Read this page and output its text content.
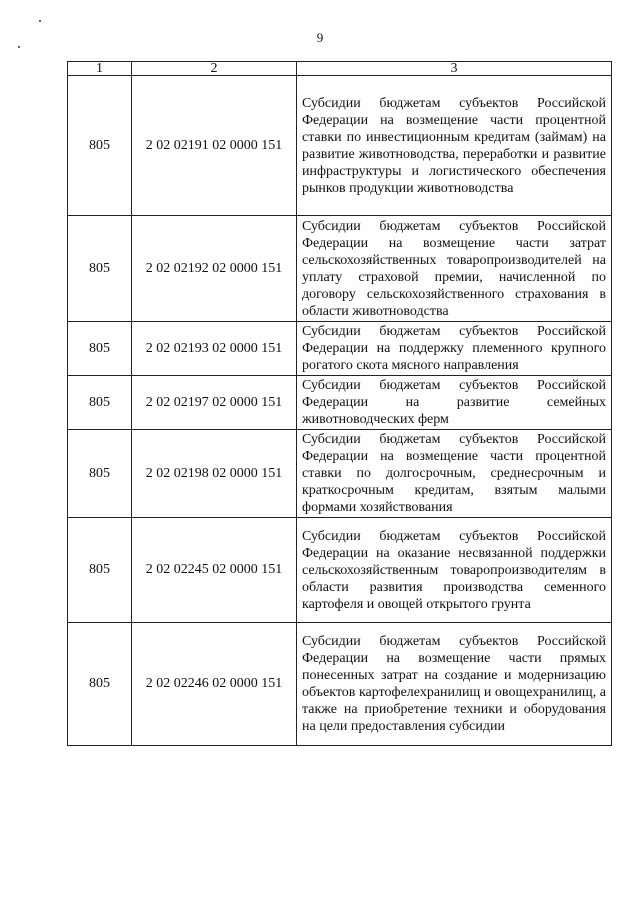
9
1	2	3
805	2 02 02191 02 0000 151	Субсидии бюджетам субъектов Российской Федерации на возмещение части процентной ставки по инвестиционным кредитам (займам) на развитие животноводства, переработки и развитие инфраструктуры и логистического обеспечения рынков продукции животноводства
805	2 02 02192 02 0000 151	Субсидии бюджетам субъектов Российской Федерации на возмещение части затрат сельскохозяйственных товаропроизводителей на уплату страховой премии, начисленной по договору сельскохозяйственного страхования в области животноводства
805	2 02 02193 02 0000 151	Субсидии бюджетам субъектов Российской Федерации на поддержку племенного крупного рогатого скота мясного направления
805	2 02 02197 02 0000 151	Субсидии бюджетам субъектов Российской Федерации на развитие семейных животноводческих ферм
805	2 02 02198 02 0000 151	Субсидии бюджетам субъектов Российской Федерации на возмещение части процентной ставки по долгосрочным, среднесрочным и краткосрочным кредитам, взятым малыми формами хозяйствования
805	2 02 02245 02 0000 151	Субсидии бюджетам субъектов Российской Федерации на оказание несвязанной поддержки сельскохозяйственным товаропроизводителям в области развития производства семенного картофеля и овощей открытого грунта
805	2 02 02246 02 0000 151	Субсидии бюджетам субъектов Российской Федерации на возмещение части прямых понесенных затрат на создание и модернизацию объектов картофелехранилищ и овощехранилищ, а также на приобретение техники и оборудования на цели предоставления субсидии
